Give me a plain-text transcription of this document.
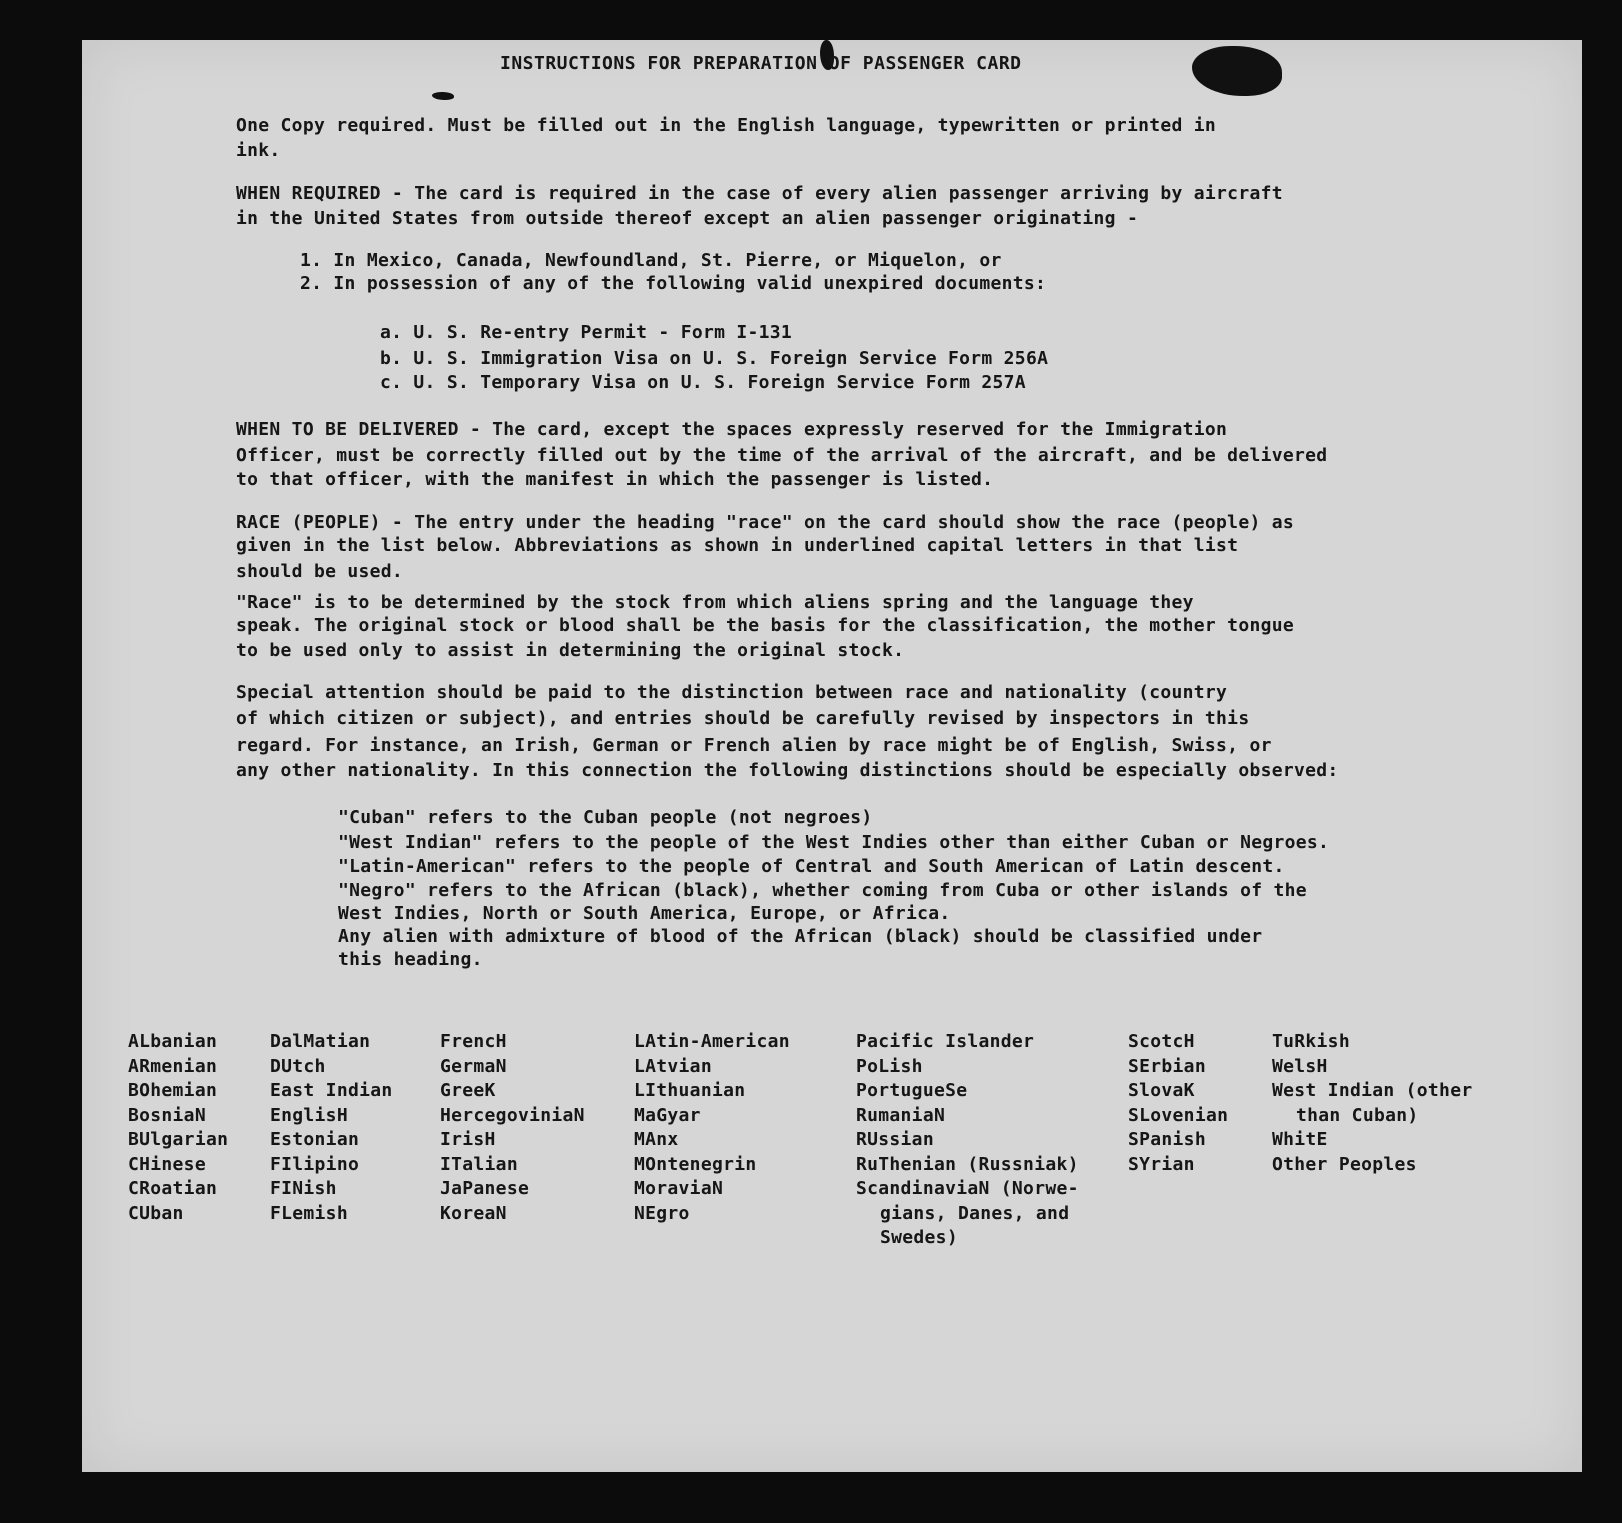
INSTRUCTIONS FOR PREPARATION OF PASSENGER CARD
One Copy required. Must be filled out in the English language, typewritten or printed in
ink.
WHEN REQUIRED - The card is required in the case of every alien passenger arriving by aircraft
in the United States from outside thereof except an alien passenger originating -
1. In Mexico, Canada, Newfoundland, St. Pierre, or Miquelon, or
2. In possession of any of the following valid unexpired documents:
a. U. S. Re-entry Permit - Form I-131
b. U. S. Immigration Visa on U. S. Foreign Service Form 256A
c. U. S. Temporary Visa on U. S. Foreign Service Form 257A
WHEN TO BE DELIVERED - The card, except the spaces expressly reserved for the Immigration
Officer, must be correctly filled out by the time of the arrival of the aircraft, and be delivered
to that officer, with the manifest in which the passenger is listed.
RACE (PEOPLE) - The entry under the heading "race" on the card should show the race (people) as
given in the list below. Abbreviations as shown in underlined capital letters in that list
should be used.
"Race" is to be determined by the stock from which aliens spring and the language they
speak. The original stock or blood shall be the basis for the classification, the mother tongue
to be used only to assist in determining the original stock.
Special attention should be paid to the distinction between race and nationality (country
of which citizen or subject), and entries should be carefully revised by inspectors in this
regard. For instance, an Irish, German or French alien by race might be of English, Swiss, or
any other nationality. In this connection the following distinctions should be especially observed:
"Cuban" refers to the Cuban people (not negroes)
"West Indian" refers to the people of the West Indies other than either Cuban or Negroes.
"Latin-American" refers to the people of Central and South American of Latin descent.
"Negro" refers to the African (black), whether coming from Cuba or other islands of the
West Indies, North or South America, Europe, or Africa.
Any alien with admixture of blood of the African (black) should be classified under
this heading.
ALbanian
ARmenian
BOhemian
BosniaN
BUlgarian
CHinese
CRoatian
CUban
DalMatian
DUtch
East Indian
EnglisH
Estonian
FIlipino
FINish
FLemish
FrencH
GermaN
GreeK
HercegoviniaN
IrisH
ITalian
JaPanese
KoreaN
LAtin-American
LAtvian
LIthuanian
MaGyar
MAnx
MOntenegrin
MoraviaN
NEgro
Pacific Islander
PoLish
PortugueSe
RumaniaN
RUssian
RuThenian (Russniak)
ScandinaviaN (Norwe-
gians, Danes, and
Swedes)
ScotcH
SErbian
SlovaK
SLovenian
SPanish
SYrian
TuRkish
WelsH
West Indian (other
than Cuban)
WhitE
Other Peoples
